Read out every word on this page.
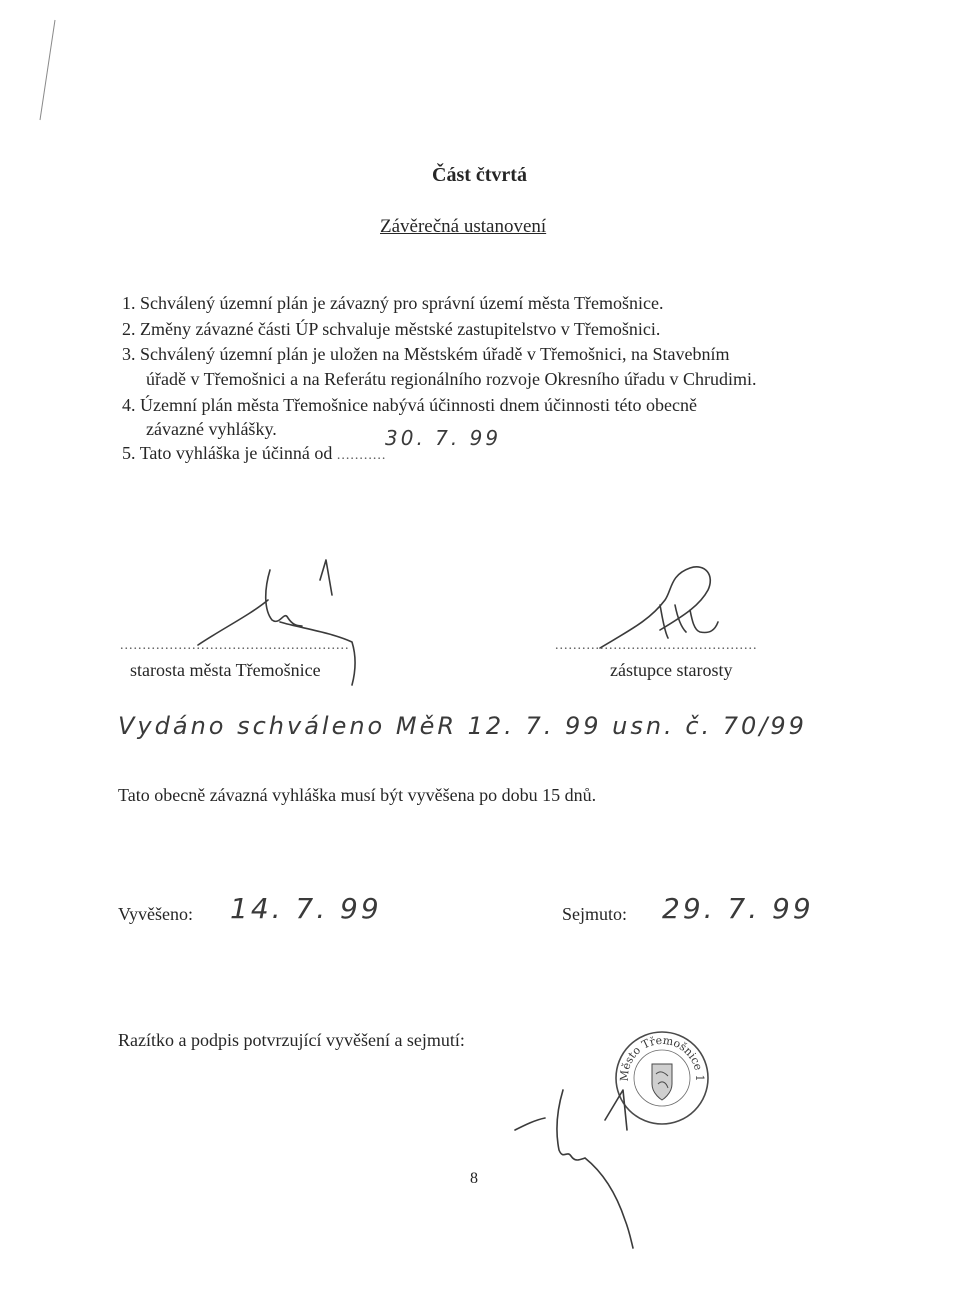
Část čtvrtá
Závěrečná ustanovení
1. Schválený územní plán je závazný pro správní území města Třemošnice.
2. Změny závazné části ÚP schvaluje městské zastupitelstvo v Třemošnici.
3. Schválený územní plán je uložen na Městském úřadě v Třemošnici, na Stavebním
úřadě v Třemošnici a na Referátu regionálního rozvoje Okresního úřadu v Chrudimi.
4. Územní plán města Třemošnice nabývá účinnosti dnem účinnosti této obecně
závazné vyhlášky.
5. Tato vyhláška je účinná od ...........
30. 7. 99
...................................................
starosta města Třemošnice
.............................................
zástupce starosty
Vydáno schváleno MěR 12. 7. 99 usn. č. 70/99
Tato obecně závazná vyhláška musí být vyvěšena po dobu 15 dnů.
Vyvěšeno: 14. 7. 99	Sejmuto: 29. 7. 99
Razítko a podpis potvrzující vyvěšení a sejmutí:
Město Třemošnice 1
8
